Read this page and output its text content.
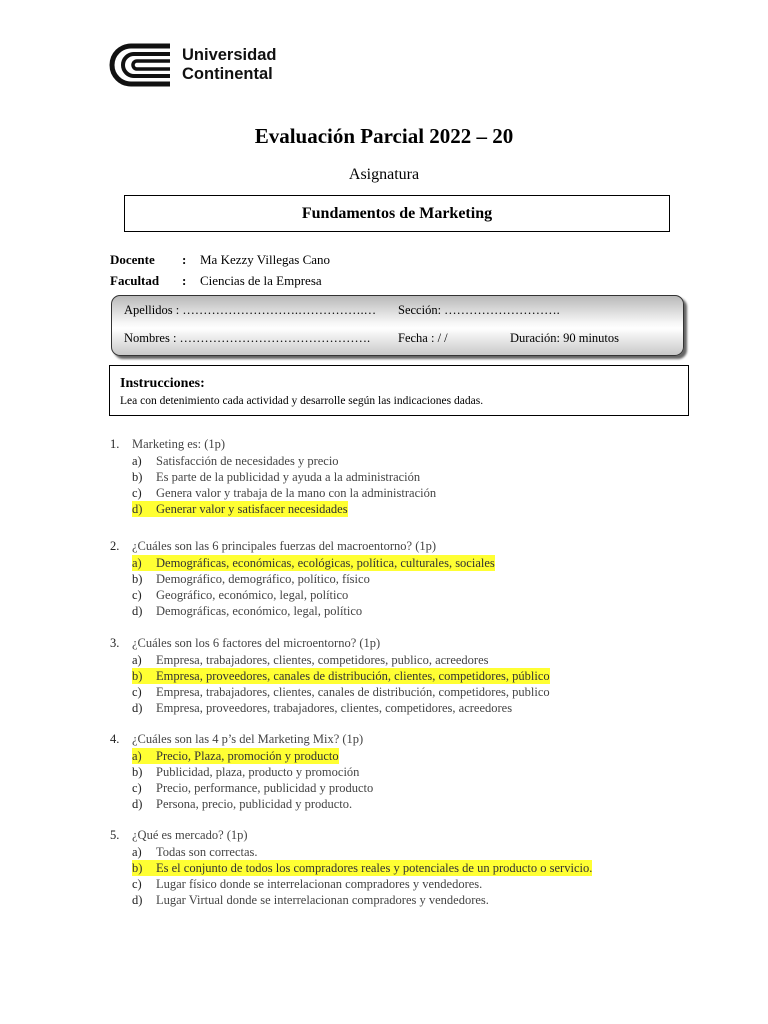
Universidad
Continental
Evaluación Parcial 2022 – 20
Asignatura
Fundamentos de Marketing
Docente	:	Ma Kezzy Villegas Cano
Facultad	:	Ciencias de la Empresa
Apellidos : ……………………….…………….… Sección: ……………………….
Nombres : ………………………………………. Fecha : / /	Duración: 90 minutos
Instrucciones:
Lea con detenimiento cada actividad y desarrolle según las indicaciones dadas.
1.	Marketing es: (1p)
a)	Satisfacción de necesidades y precio
b)	Es parte de la publicidad y ayuda a la administración
c)	Genera valor y trabaja de la mano con la administración
d)	Generar valor y satisfacer necesidades
2.	¿Cuáles son las 6 principales fuerzas del macroentorno? (1p)
a)	Demográficas, económicas, ecológicas, política, culturales, sociales
b)	Demográfico, demográfico, político, físico
c)	Geográfico, económico, legal, político
d)	Demográficas, económico, legal, político
3.	¿Cuáles son los 6 factores del microentorno? (1p)
a)	Empresa, trabajadores, clientes, competidores, publico, acreedores
b)	Empresa, proveedores, canales de distribución, clientes, competidores, público
c)	Empresa, trabajadores, clientes, canales de distribución, competidores, publico
d)	Empresa, proveedores, trabajadores, clientes, competidores, acreedores
4.	¿Cuáles son las 4 p’s del Marketing Mix? (1p)
a)	Precio, Plaza, promoción y producto
b)	Publicidad, plaza, producto y promoción
c)	Precio, performance, publicidad y producto
d)	Persona, precio, publicidad y producto.
5.	¿Qué es mercado? (1p)
a)	Todas son correctas.
b)	Es el conjunto de todos los compradores reales y potenciales de un producto o servicio.
c)	Lugar físico donde se interrelacionan compradores y vendedores.
d)	Lugar Virtual donde se interrelacionan compradores y vendedores.
